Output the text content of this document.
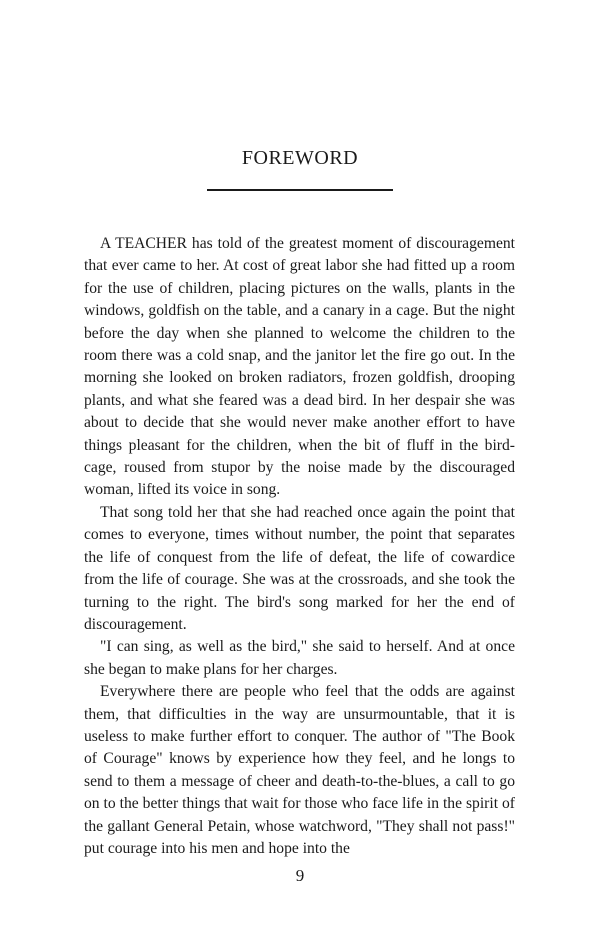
FOREWORD

A TEACHER has told of the greatest moment of discouragement that ever came to her. At cost of great labor she had fitted up a room for the use of children, placing pictures on the walls, plants in the windows, goldfish on the table, and a canary in a cage. But the night before the day when she planned to welcome the children to the room there was a cold snap, and the janitor let the fire go out. In the morning she looked on broken radiators, frozen goldfish, drooping plants, and what she feared was a dead bird. In her despair she was about to decide that she would never make another effort to have things pleasant for the children, when the bit of fluff in the bird-cage, roused from stupor by the noise made by the discouraged woman, lifted its voice in song.

That song told her that she had reached once again the point that comes to everyone, times without number, the point that separates the life of conquest from the life of defeat, the life of cowardice from the life of courage. She was at the crossroads, and she took the turning to the right. The bird's song marked for her the end of discouragement.

"I can sing, as well as the bird," she said to herself. And at once she began to make plans for her charges.

Everywhere there are people who feel that the odds are against them, that difficulties in the way are unsurmountable, that it is useless to make further effort to conquer. The author of "The Book of Courage" knows by experience how they feel, and he longs to send to them a message of cheer and death-to-the-blues, a call to go on to the better things that wait for those who face life in the spirit of the gallant General Petain, whose watchword, "They shall not pass!" put courage into his men and hope into the

9
